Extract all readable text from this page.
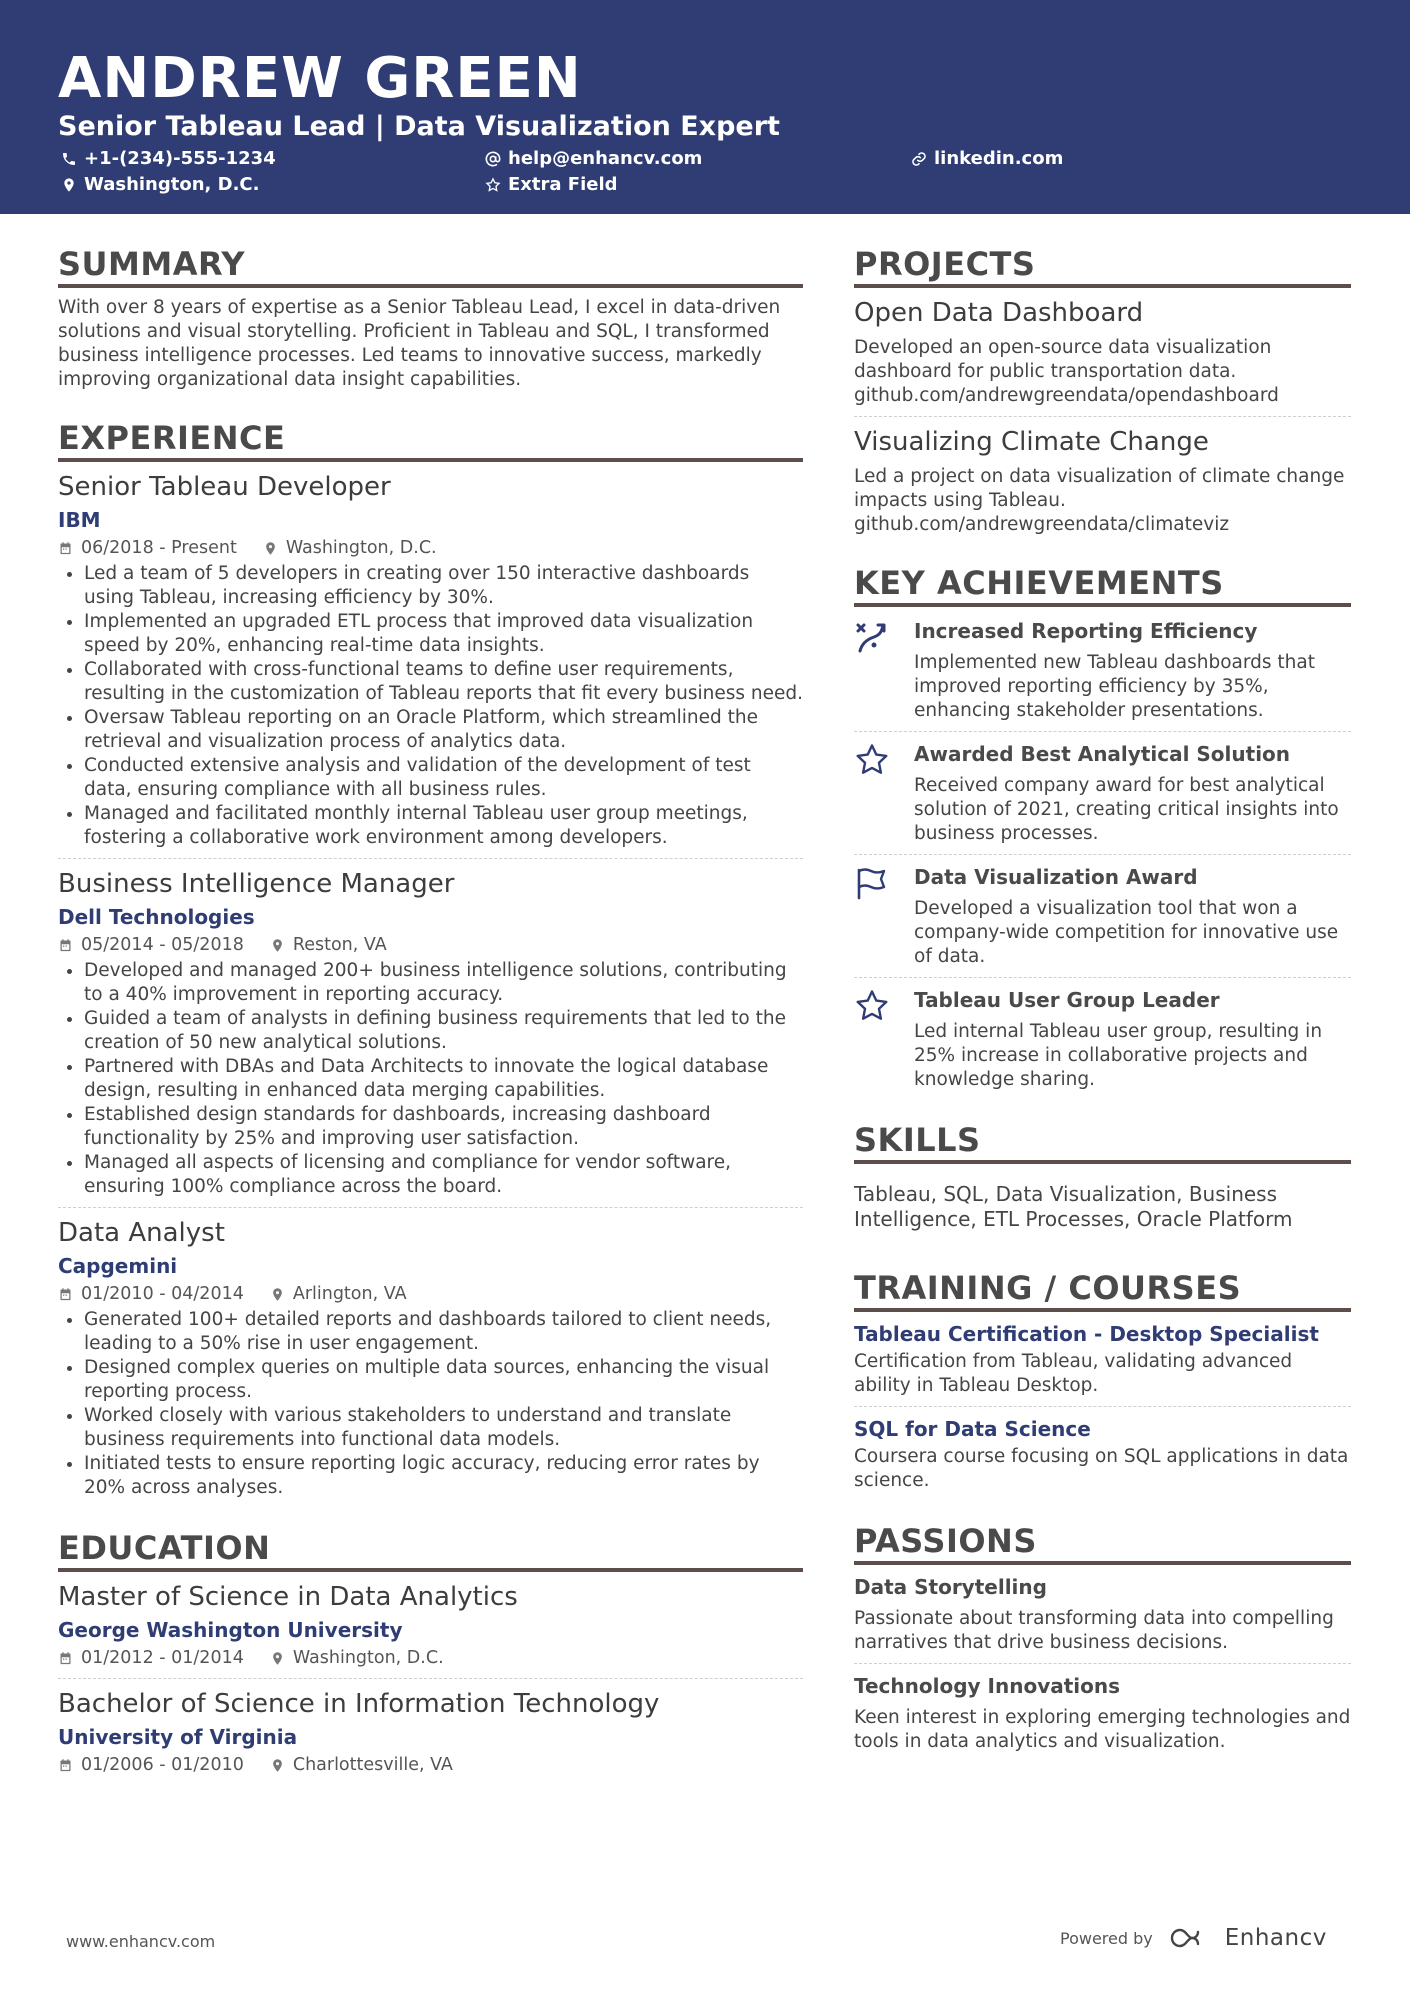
ANDREW GREEN
Senior Tableau Lead | Data Visualization Expert
+1-(234)-555-1234	help@enhancv.com	linkedin.com
Washington, D.C.	Extra Field
SUMMARY

With over 8 years of expertise as a Senior Tableau Lead, I excel in data-driven solutions and visual storytelling. Proficient in Tableau and SQL, I transformed business intelligence processes. Led teams to innovative success, markedly improving organizational data insight capabilities.

EXPERIENCE
Senior Tableau Developer
IBM
06/2018 - Present	Washington, D.C.
• Led a team of 5 developers in creating over 150 interactive dashboards using Tableau, increasing efficiency by 30%.
• Implemented an upgraded ETL process that improved data visualization speed by 20%, enhancing real-time data insights.
• Collaborated with cross-functional teams to define user requirements, resulting in the customization of Tableau reports that fit every business need.
• Oversaw Tableau reporting on an Oracle Platform, which streamlined the retrieval and visualization process of analytics data.
• Conducted extensive analysis and validation of the development of test data, ensuring compliance with all business rules.
• Managed and facilitated monthly internal Tableau user group meetings, fostering a collaborative work environment among developers.
Business Intelligence Manager
Dell Technologies
05/2014 - 05/2018	Reston, VA
• Developed and managed 200+ business intelligence solutions, contributing to a 40% improvement in reporting accuracy.
• Guided a team of analysts in defining business requirements that led to the creation of 50 new analytical solutions.
• Partnered with DBAs and Data Architects to innovate the logical database design, resulting in enhanced data merging capabilities.
• Established design standards for dashboards, increasing dashboard functionality by 25% and improving user satisfaction.
• Managed all aspects of licensing and compliance for vendor software, ensuring 100% compliance across the board.
Data Analyst
Capgemini
01/2010 - 04/2014	Arlington, VA
• Generated 100+ detailed reports and dashboards tailored to client needs, leading to a 50% rise in user engagement.
• Designed complex queries on multiple data sources, enhancing the visual reporting process.
• Worked closely with various stakeholders to understand and translate business requirements into functional data models.
• Initiated tests to ensure reporting logic accuracy, reducing error rates by 20% across analyses.
EDUCATION
Master of Science in Data Analytics
George Washington University
01/2012 - 01/2014	Washington, D.C.
Bachelor of Science in Information Technology
University of Virginia
01/2006 - 01/2010	Charlottesville, VA
PROJECTS
Open Data Dashboard

Developed an open-source data visualization dashboard for public transportation data.

github.com/andrewgreendata/opendashboard

Visualizing Climate Change

Led a project on data visualization of climate change impacts using Tableau.

github.com/andrewgreendata/climateviz

KEY ACHIEVEMENTS
Increased Reporting Efficiency

Implemented new Tableau dashboards that improved reporting efficiency by 35%, enhancing stakeholder presentations.

Awarded Best Analytical Solution

Received company award for best analytical solution of 2021, creating critical insights into business processes.

Data Visualization Award

Developed a visualization tool that won a company-wide competition for innovative use of data.

Tableau User Group Leader

Led internal Tableau user group, resulting in 25% increase in collaborative projects and knowledge sharing.

SKILLS

Tableau, SQL, Data Visualization, Business Intelligence, ETL Processes, Oracle Platform

TRAINING / COURSES
Tableau Certification - Desktop Specialist

Certification from Tableau, validating advanced ability in Tableau Desktop.

SQL for Data Science

Coursera course focusing on SQL applications in data science.

PASSIONS
Data Storytelling

Passionate about transforming data into compelling narratives that drive business decisions.

Technology Innovations

Keen interest in exploring emerging technologies and tools in data analytics and visualization.

www.enhancv.com	Powered by	Enhancv
